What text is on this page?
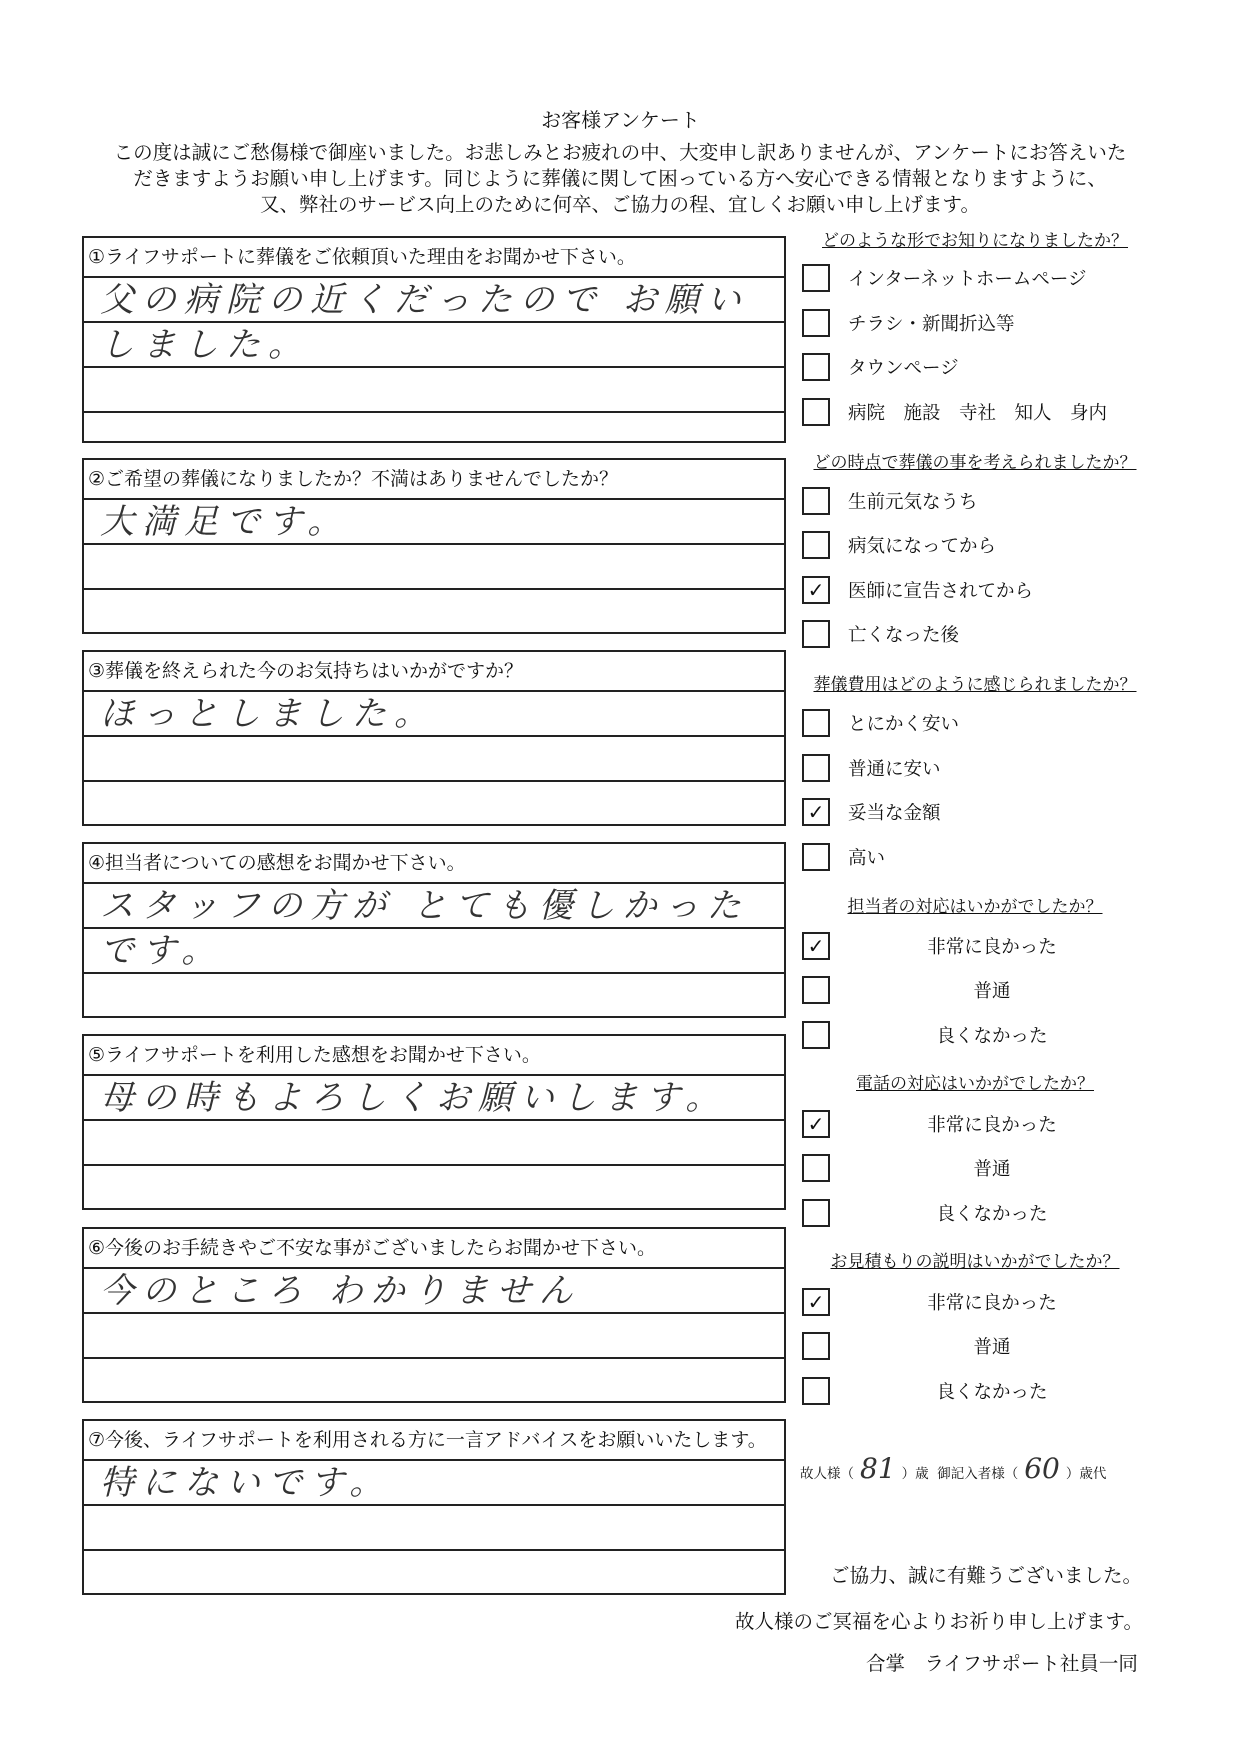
お客様アンケート
この度は誠にご愁傷様で御座いました。お悲しみとお疲れの中、大変申し訳ありませんが、アンケートにお答えいた
だきますようお願い申し上げます。同じように葬儀に関して困っている方へ安心できる情報となりますように、
又、弊社のサービス向上のために何卒、ご協力の程、宜しくお願い申し上げます。
①ライフサポートに葬儀をご依頼頂いた理由をお聞かせ下さい。
父の病院の近くだったので お願い
しました。
②ご希望の葬儀になりましたか？不満はありませんでしたか？
大満足です。
③葬儀を終えられた今のお気持ちはいかがですか？
ほっとしました。
④担当者についての感想をお聞かせ下さい。
スタッフの方が とても優しかった
です。
⑤ライフサポートを利用した感想をお聞かせ下さい。
母の時もよろしくお願いします。
⑥今後のお手続きやご不安な事がございましたらお聞かせ下さい。
今のところ わかりません
⑦今後、ライフサポートを利用される方に一言アドバイスをお願いいたします。
特にないです。
どのような形でお知りになりましたか？
インターネットホームページ
チラシ・新聞折込等
タウンページ
病院　施設　寺社　知人　身内
どの時点で葬儀の事を考えられましたか？
生前元気なうち
病気になってから
✓	医師に宣告されてから
亡くなった後
葬儀費用はどのように感じられましたか？
とにかく安い
普通に安い
✓	妥当な金額
高い
担当者の対応はいかがでしたか？
✓	非常に良かった
普通
良くなかった
電話の対応はいかがでしたか？
✓	非常に良かった
普通
良くなかった
お見積もりの説明はいかがでしたか？
✓	非常に良かった
普通
良くなかった
故人様（ 81 ）歳 御記入者様（ 60 ）歳代
ご協力、誠に有難うございました。
故人様のご冥福を心よりお祈り申し上げます。
合掌　ライフサポート社員一同
